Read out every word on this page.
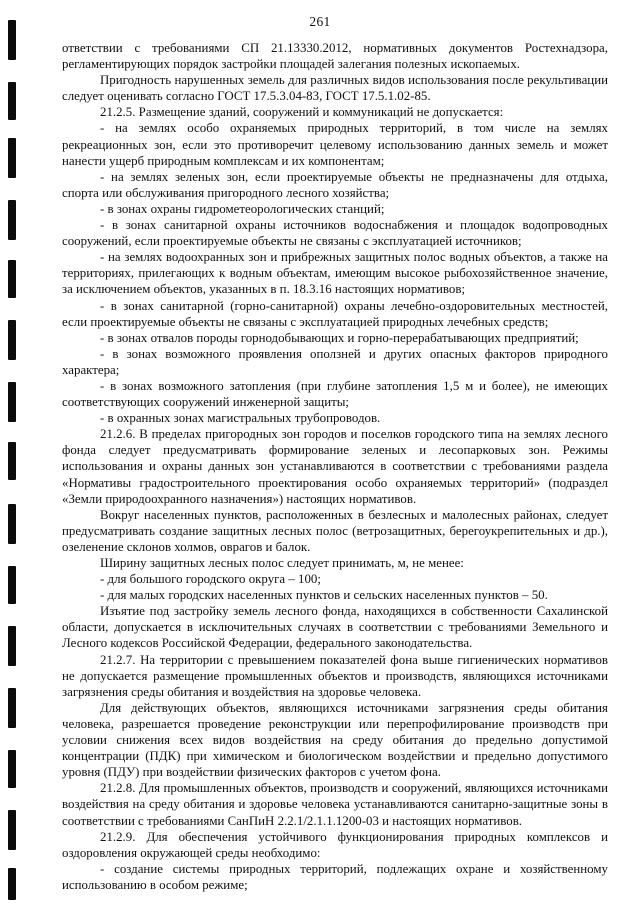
261

ответствии с требованиями СП 21.13330.2012, нормативных документов Ростехнадзора, регламентирующих порядок застройки площадей залегания полезных ископаемых.

Пригодность нарушенных земель для различных видов использования после рекультивации следует оценивать согласно ГОСТ 17.5.3.04-83, ГОСТ 17.5.1.02-85.

21.2.5. Размещение зданий, сооружений и коммуникаций не допускается:

- на землях особо охраняемых природных территорий, в том числе на землях рекреационных зон, если это противоречит целевому использованию данных земель и может нанести ущерб природным комплексам и их компонентам;

- на землях зеленых зон, если проектируемые объекты не предназначены для отдыха, спорта или обслуживания пригородного лесного хозяйства;

- в зонах охраны гидрометеорологических станций;

- в зонах санитарной охраны источников водоснабжения и площадок водопроводных сооружений, если проектируемые объекты не связаны с эксплуатацией источников;

- на землях водоохранных зон и прибрежных защитных полос водных объектов, а также на территориях, прилегающих к водным объектам, имеющим высокое рыбохозяйственное значение, за исключением объектов, указанных в п. 18.3.16 настоящих нормативов;

- в зонах санитарной (горно-санитарной) охраны лечебно-оздоровительных местностей, если проектируемые объекты не связаны с эксплуатацией природных лечебных средств;

- в зонах отвалов породы горнодобывающих и горно-перерабатывающих предприятий;

- в зонах возможного проявления оползней и других опасных факторов природного характера;

- в зонах возможного затопления (при глубине затопления 1,5 м и более), не имеющих соответствующих сооружений инженерной защиты;

- в охранных зонах магистральных трубопроводов.

21.2.6. В пределах пригородных зон городов и поселков городского типа на землях лесного фонда следует предусматривать формирование зеленых и лесопарковых зон. Режимы использования и охраны данных зон устанавливаются в соответствии с требованиями раздела «Нормативы градостроительного проектирования особо охраняемых территорий» (подраздел «Земли природоохранного назначения») настоящих нормативов.

Вокруг населенных пунктов, расположенных в безлесных и малолесных районах, следует предусматривать создание защитных лесных полос (ветрозащитных, берегоукрепительных и др.), озеленение склонов холмов, оврагов и балок.

Ширину защитных лесных полос следует принимать, м, не менее:

- для большого городского округа – 100;

- для малых городских населенных пунктов и сельских населенных пунктов – 50.

Изъятие под застройку земель лесного фонда, находящихся в собственности Сахалинской области, допускается в исключительных случаях в соответствии с требованиями Земельного и Лесного кодексов Российской Федерации, федерального законодательства.

21.2.7. На территории с превышением показателей фона выше гигиенических нормативов не допускается размещение промышленных объектов и производств, являющихся источниками загрязнения среды обитания и воздействия на здоровье человека.

Для действующих объектов, являющихся источниками загрязнения среды обитания человека, разрешается проведение реконструкции или перепрофилирование производств при условии снижения всех видов воздействия на среду обитания до предельно допустимой концентрации (ПДК) при химическом и биологическом воздействии и предельно допустимого уровня (ПДУ) при воздействии физических факторов с учетом фона.

21.2.8. Для промышленных объектов, производств и сооружений, являющихся источниками воздействия на среду обитания и здоровье человека устанавливаются санитарно-защитные зоны в соответствии с требованиями СанПиН 2.2.1/2.1.1.1200-03 и настоящих нормативов.

21.2.9. Для обеспечения устойчивого функционирования природных комплексов и оздоровления окружающей среды необходимо:

- создание системы природных территорий, подлежащих охране и хозяйственному использованию в особом режиме;
